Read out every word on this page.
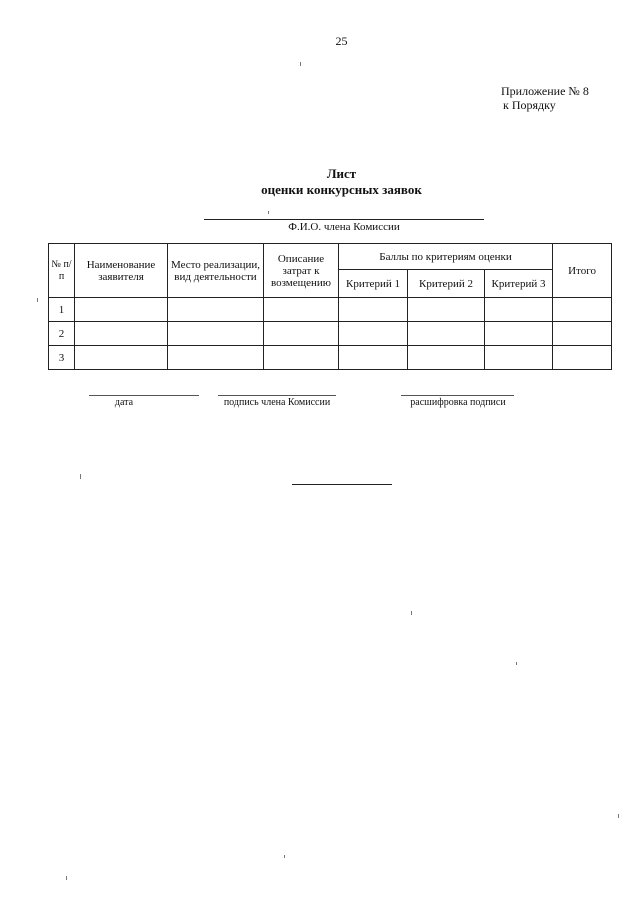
25
Приложение № 8
к Порядку
Лист
оценки конкурсных заявок
Ф.И.О. члена Комиссии
№ п/п	Наименование заявителя	Место реализации, вид деятельности	Описание затрат к возмещению	Баллы по критериям оценки			Итого
				Критерий 1	Критерий 2	Критерий 3	
1							
2							
3							
дата	подпись члена Комиссии	расшифровка подписи
